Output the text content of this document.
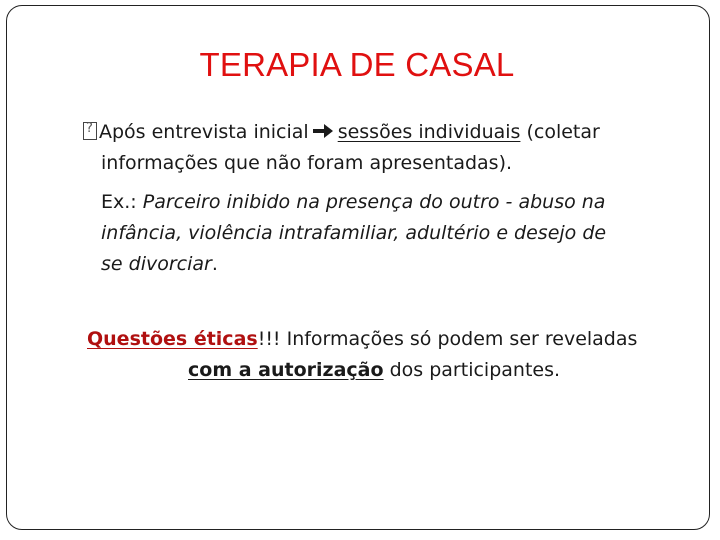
TERAPIA DE CASAL
?Após entrevista inicial sessões individuais (coletar
informações que não foram apresentadas).
Ex.: Parceiro inibido na presença do outro - abuso na
infância, violência intrafamiliar, adultério e desejo de
se divorciar.
Questões éticas!!! Informações só podem ser reveladas
com a autorização dos participantes.
